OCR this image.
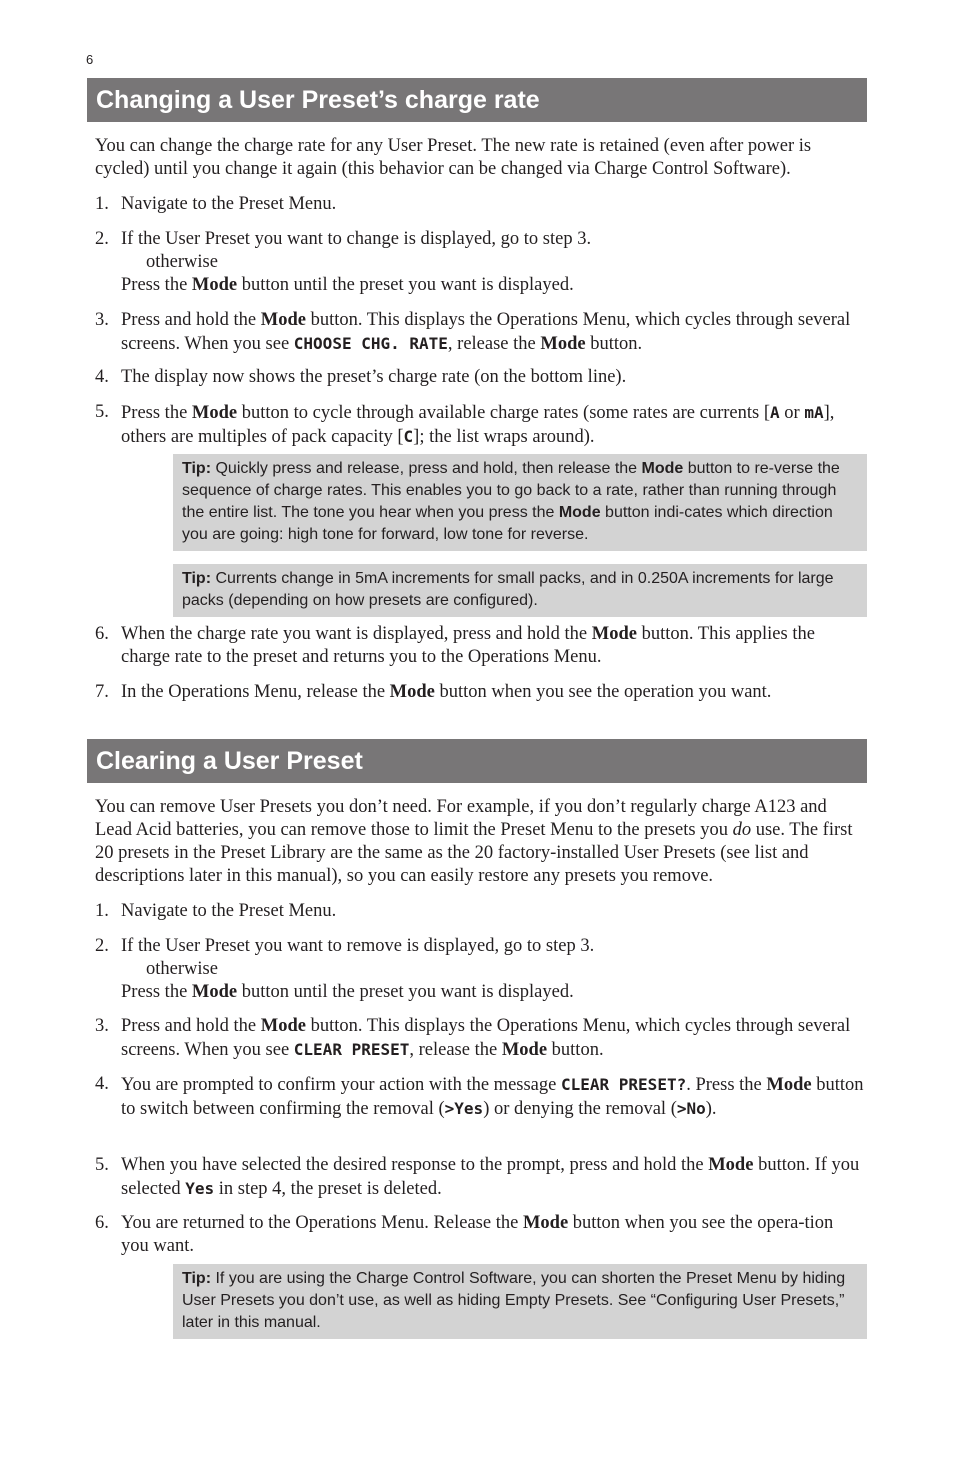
6
Changing a User Preset’s charge rate

You can change the charge rate for any User Preset. The new rate is retained (even after power is cycled) until you change it again (this behavior can be changed via Charge Control Software).

1. Navigate to the Preset Menu.
2. If the User Preset you want to change is displayed, go to step 3.
otherwise
Press the Mode button until the preset you want is displayed.
3. Press and hold the Mode button. This displays the Operations Menu, which cycles through several screens. When you see CHOOSE CHG. RATE, release the Mode button.
4. The display now shows the preset’s charge rate (on the bottom line).
5. Press the Mode button to cycle through available charge rates (some rates are currents [A or mA], others are multiples of pack capacity [C]; the list wraps around).
Tip: Quickly press and release, press and hold, then release the Mode button to re-verse the sequence of charge rates. This enables you to go back to a rate, rather than running through the entire list. The tone you hear when you press the Mode button indi-cates which direction you are going: high tone for forward, low tone for reverse.
Tip: Currents change in 5mA increments for small packs, and in 0.250A increments for large packs (depending on how presets are configured).
6. When the charge rate you want is displayed, press and hold the Mode button. This applies the charge rate to the preset and returns you to the Operations Menu.
7. In the Operations Menu, release the Mode button when you see the operation you want.
Clearing a User Preset

You can remove User Presets you don’t need. For example, if you don’t regularly charge A123 and Lead Acid batteries, you can remove those to limit the Preset Menu to the presets you do use. The first 20 presets in the Preset Library are the same as the 20 factory-installed User Presets (see list and descriptions later in this manual), so you can easily restore any presets you remove.

1. Navigate to the Preset Menu.
2. If the User Preset you want to remove is displayed, go to step 3.
otherwise
Press the Mode button until the preset you want is displayed.
3. Press and hold the Mode button. This displays the Operations Menu, which cycles through several screens. When you see CLEAR PRESET, release the Mode button.
4. You are prompted to confirm your action with the message CLEAR PRESET?. Press the Mode button to switch between confirming the removal (>Yes) or denying the removal (>No).
5. When you have selected the desired response to the prompt, press and hold the Mode button. If you selected Yes in step 4, the preset is deleted.
6. You are returned to the Operations Menu. Release the Mode button when you see the opera-tion you want.
Tip: If you are using the Charge Control Software, you can shorten the Preset Menu by hiding User Presets you don’t use, as well as hiding Empty Presets. See “Configuring User Presets,” later in this manual.
